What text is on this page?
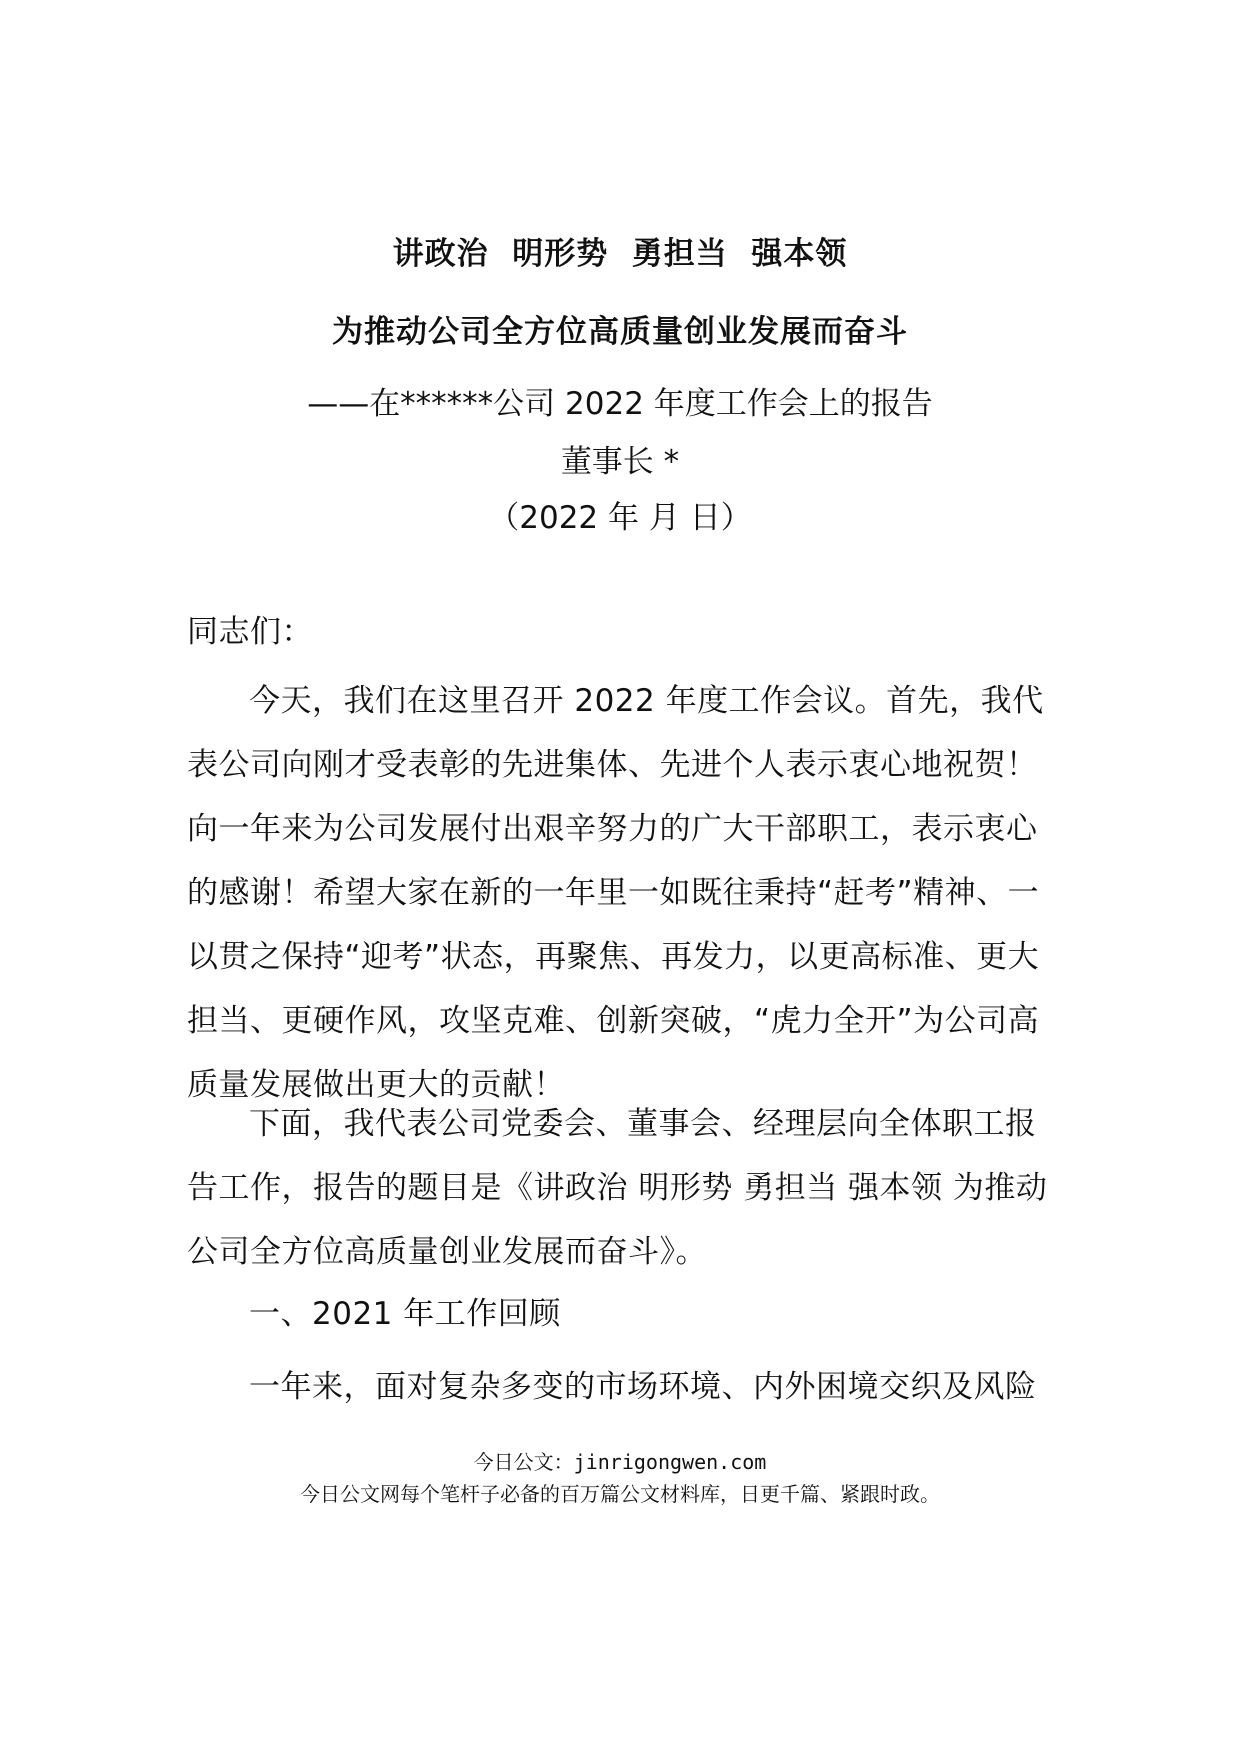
讲政治  明形势  勇担当  强本领
为推动公司全方位高质量创业发展而奋斗
——在******公司 2022 年度工作会上的报告
董事长 *
（2022 年 月 日）
同志们：
今天，我们在这里召开 2022 年度工作会议。首先，我代表公司向刚才受表彰的先进集体、先进个人表示衷心地祝贺！向一年来为公司发展付出艰辛努力的广大干部职工，表示衷心的感谢！希望大家在新的一年里一如既往秉持“赶考”精神、一以贯之保持“迎考”状态，再聚焦、再发力，以更高标准、更大担当、更硬作风，攻坚克难、创新突破，“虎力全开”为公司高质量发展做出更大的贡献！
下面，我代表公司党委会、董事会、经理层向全体职工报告工作，报告的题目是《讲政治 明形势 勇担当 强本领 为推动公司全方位高质量创业发展而奋斗》。
一、2021 年工作回顾
一年来，面对复杂多变的市场环境、内外困境交织及风险
今日公文：jinrigongwen.com
今日公文网每个笔杆子必备的百万篇公文材料库，日更千篇、紧跟时政。
